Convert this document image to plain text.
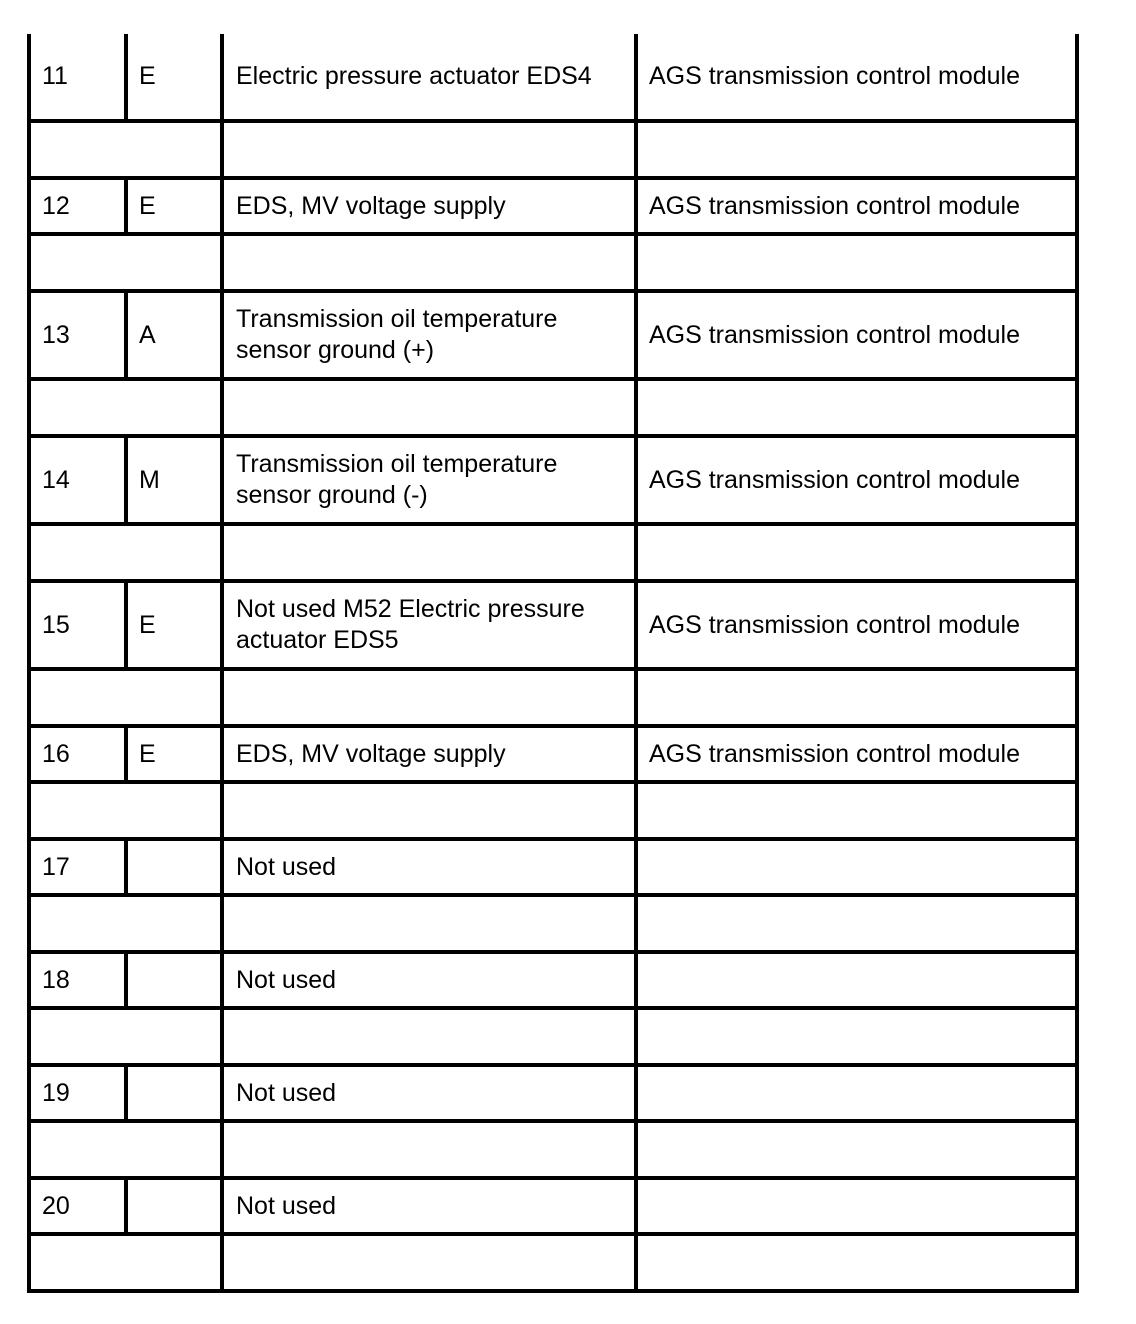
11	E	Electric pressure actuator EDS4	AGS transmission control module

12	E	EDS, MV voltage supply	AGS transmission control module

13	A	Transmission oil temperature sensor ground (+)	AGS transmission control module

14	M	Transmission oil temperature sensor ground (-)	AGS transmission control module

15	E	Not used M52 Electric pressure actuator EDS5	AGS transmission control module

16	E	EDS, MV voltage supply	AGS transmission control module

17		Not used	

18		Not used	

19		Not used	

20		Not used	
